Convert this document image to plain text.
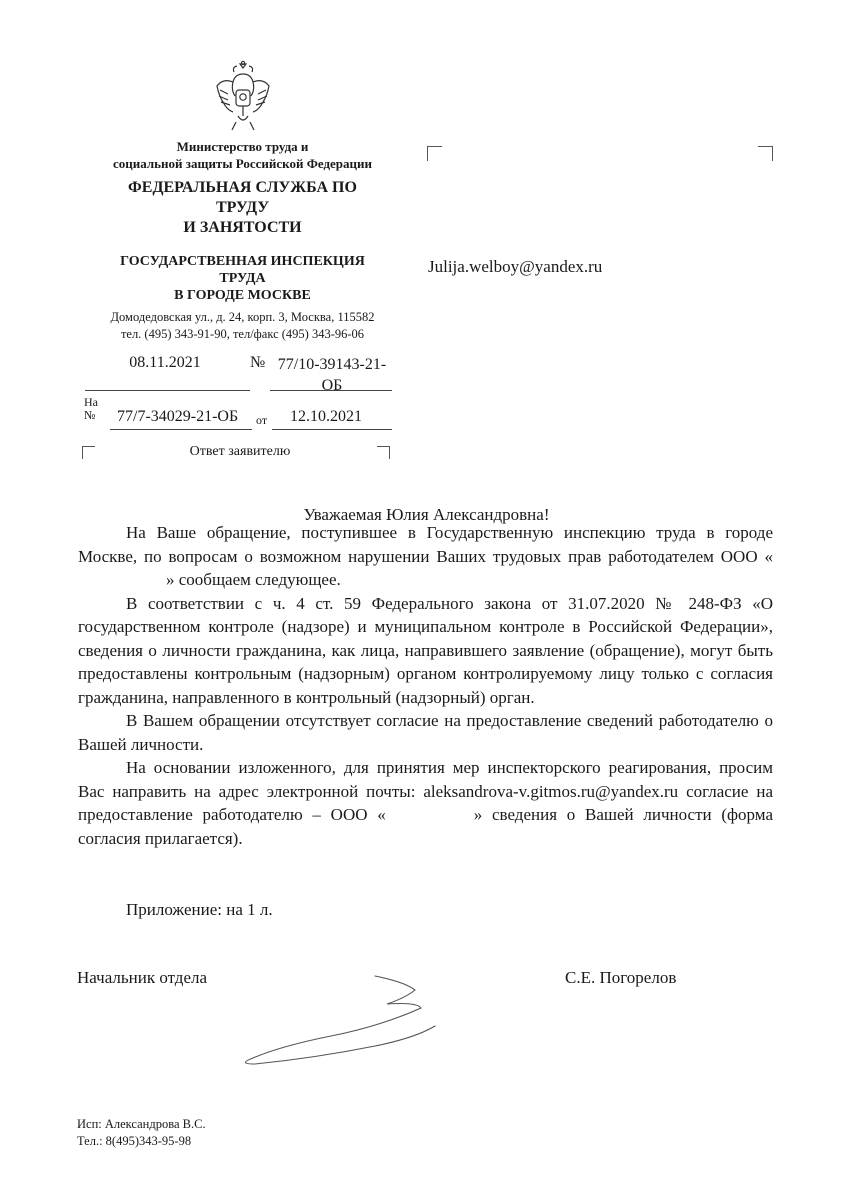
Министерство труда и
социальной защиты Российской Федерации
ФЕДЕРАЛЬНАЯ СЛУЖБА ПО
ТРУДУ
И ЗАНЯТОСТИ
ГОСУДАРСТВЕННАЯ ИНСПЕКЦИЯ
ТРУДА
В ГОРОДЕ МОСКВЕ
Домодедовская ул., д. 24, корп. 3, Москва, 115582
тел. (495) 343-91-90, тел/факс (495) 343-96-06
08.11.2021	№ 77/10-39143-21-
ОБ
На
№ 77/7-34029-21-ОБ от 12.10.2021
Ответ заявителю
Julija.welboy@yandex.ru
Уважаемая Юлия Александровна!

На Ваше обращение, поступившее в Государственную инспекцию труда в городе Москве, по вопросам о возможном нарушении Ваших трудовых прав работодателем ООО «» сообщаем следующее.

В соответствии с ч. 4 ст. 59 Федерального закона от 31.07.2020 № 248-ФЗ «О государственном контроле (надзоре) и муниципальном контроле в Российской Федерации», сведения о личности гражданина, как лица, направившего заявление (обращение), могут быть предоставлены контрольным (надзорным) органом контролируемому лицу только с согласия гражданина, направленного в контрольный (надзорный) орган.

В Вашем обращении отсутствует согласие на предоставление сведений работодателю о Вашей личности.

На основании изложенного, для принятия мер инспекторского реагирования, просим Вас направить на адрес электронной почты: aleksandrova-v.gitmos.ru@yandex.ru согласие на предоставление работодателю – ООО «	» сведения о Вашей личности (форма согласия прилагается).

Приложение: на 1 л.
Начальник отдела	С.Е. Погорелов
Исп: Александрова В.С.
Тел.: 8(495)343-95-98
